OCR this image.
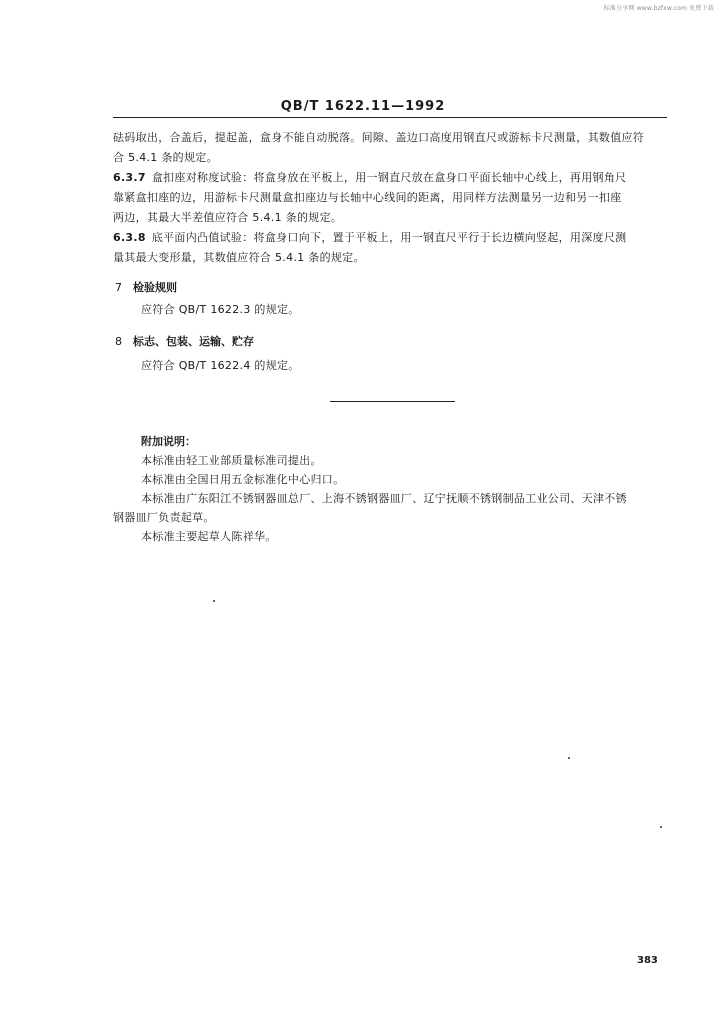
标准分享网 www.bzfxw.com 免费下载
QB/T 1622.11—1992
砝码取出，合盖后，提起盖，盒身不能自动脱落。间隙、盖边口高度用钢直尺或游标卡尺测量，其数值应符
合 5.4.1 条的规定。
6.3.7 盒扣座对称度试验：将盒身放在平板上，用一钢直尺放在盒身口平面长轴中心线上，再用钢角尺
靠紧盒扣座的边，用游标卡尺测量盒扣座边与长轴中心线间的距离，用同样方法测量另一边和另一扣座
两边，其最大半差值应符合 5.4.1 条的规定。
6.3.8 底平面内凸值试验：将盒身口向下，置于平板上，用一钢直尺平行于长边横向竖起，用深度尺测
量其最大变形量，其数值应符合 5.4.1 条的规定。
7 检验规则
应符合 QB/T 1622.3 的规定。
8 标志、包装、运输、贮存
应符合 QB/T 1622.4 的规定。
附加说明：
本标准由轻工业部质量标准司提出。
本标准由全国日用五金标准化中心归口。
本标准由广东阳江不锈钢器皿总厂、上海不锈钢器皿厂、辽宁抚顺不锈钢制品工业公司、天津不锈
钢器皿厂负责起草。
本标准主要起草人陈祥华。
383
